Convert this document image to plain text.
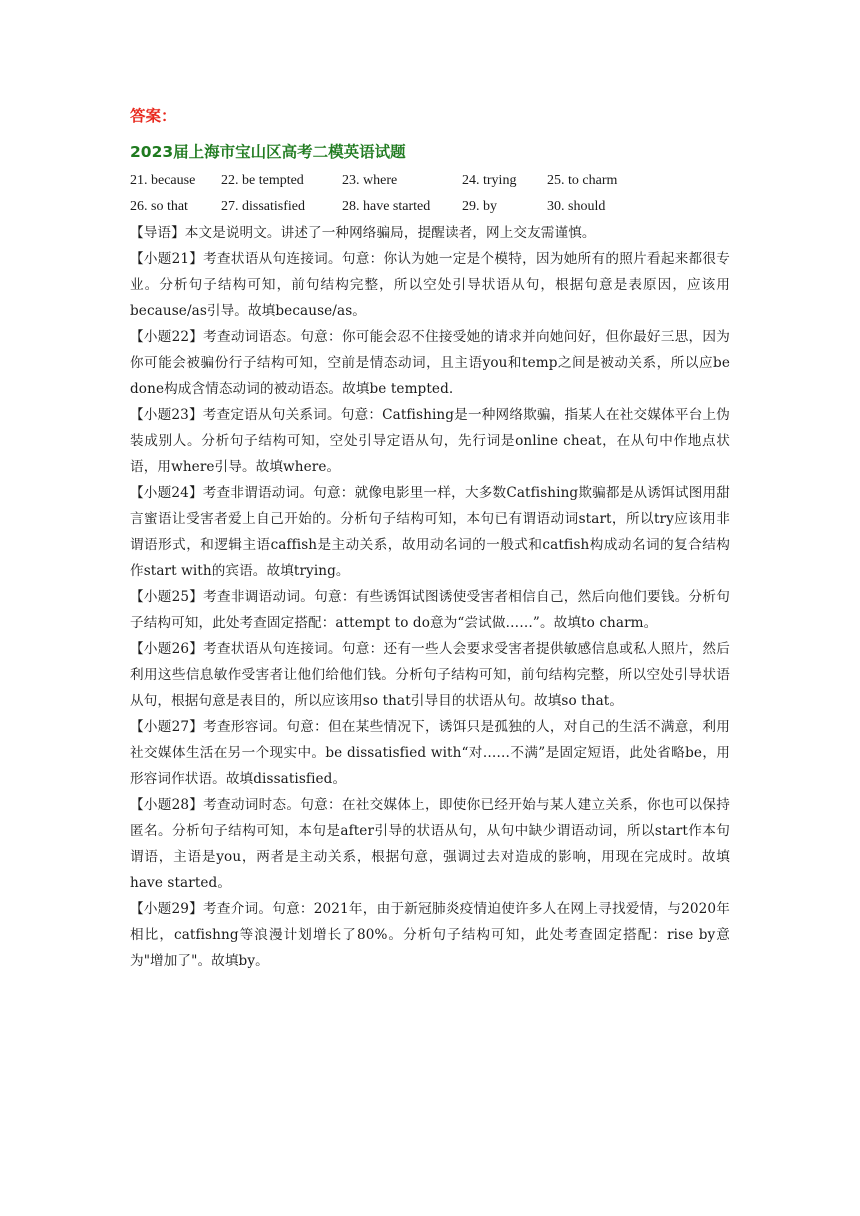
答案：
2023届上海市宝山区高考二模英语试题
21. because	22. be tempted	23. where	24. trying	25. to charm
26. so that	27. dissatisfied	28. have started	29. by	30. should

【导语】本文是说明文。讲述了一种网络骗局，提醒读者，网上交友需谨慎。

【小题21】考查状语从句连接词。句意：你认为她一定是个模特，因为她所有的照片看起来都很专业。分析句子结构可知，前句结构完整，所以空处引导状语从句，根据句意是表原因，应该用because/as引导。故填because/as。

【小题22】考查动词语态。句意：你可能会忍不住接受她的请求并向她问好，但你最好三思，因为你可能会被骗份行子结构可知，空前是情态动词，且主语you和temp之间是被动关系，所以应be done构成含情态动词的被动语态。故填be tempted.

【小题23】考查定语从句关系词。句意：Catfishing是一种网络欺骗，指某人在社交媒体平台上伪装成别人。分析句子结构可知，空处引导定语从句，先行词是online cheat，在从句中作地点状语，用where引导。故填where。

【小题24】考查非谓语动词。句意：就像电影里一样，大多数Catfishing欺骗都是从诱饵试图用甜言蜜语让受害者爱上自己开始的。分析句子结构可知，本句已有谓语动词start，所以try应该用非谓语形式，和逻辑主语caffish是主动关系，故用动名词的一般式和catfish构成动名词的复合结构作start with的宾语。故填trying。

【小题25】考查非调语动词。句意：有些诱饵试图诱使受害者相信自己，然后向他们要钱。分析句子结构可知，此处考查固定搭配：attempt to do意为“尝试做……”。故填to charm。

【小题26】考查状语从句连接词。句意：还有一些人会要求受害者提供敏感信息或私人照片，然后利用这些信息敏作受害者让他们给他们钱。分析句子结构可知，前句结构完整，所以空处引导状语从句，根据句意是表目的，所以应该用so that引导目的状语从句。故填so that。

【小题27】考查形容词。句意：但在某些情况下，诱饵只是孤独的人，对自己的生活不满意，利用社交媒体生活在另一个现实中。be dissatisfied with“对……不满”是固定短语，此处省略be，用形容词作状语。故填dissatisfied。

【小题28】考查动词时态。句意：在社交媒体上，即使你已经开始与某人建立关系，你也可以保持匿名。分析句子结构可知，本句是after引导的状语从句，从句中缺少谓语动词，所以start作本句谓语，主语是you，两者是主动关系，根据句意，强调过去对造成的影响，用现在完成时。故填have started。

【小题29】考查介词。句意：2021年，由于新冠肺炎疫情迫使许多人在网上寻找爱情，与2020年相比，catfishng等浪漫计划增长了80%。分析句子结构可知，此处考查固定搭配：rise by意为"增加了"。故填by。
